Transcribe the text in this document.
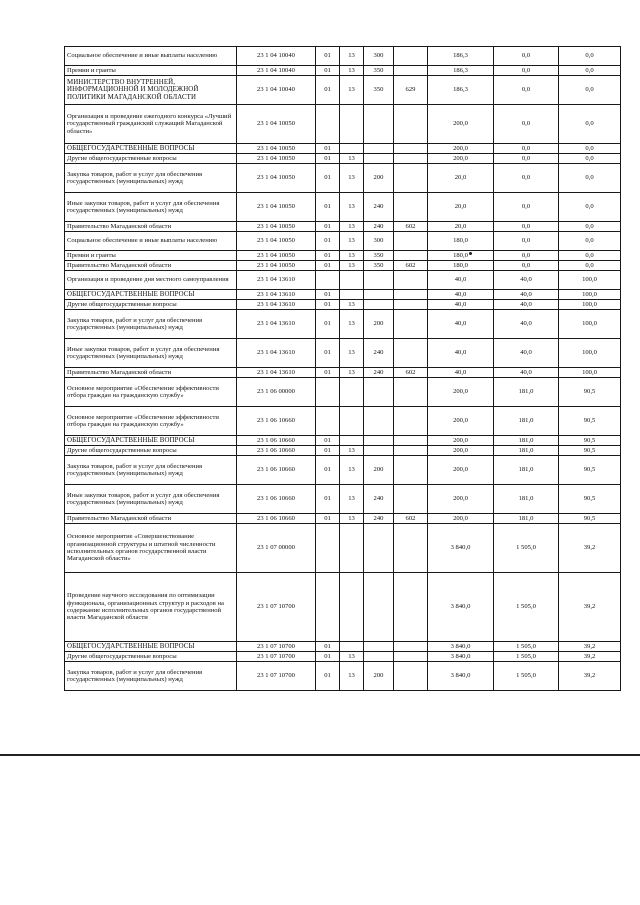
Социальное обеспечение и иные выплаты населению	23 1 04 10040	01	13	300		186,3	0,0	0,0
Премии и гранты	23 1 04 10040	01	13	350		186,3	0,0	0,0
МИНИСТЕРСТВО ВНУТРЕННЕЙ, ИНФОРМАЦИОННОЙ И МОЛОДЕЖНОЙ ПОЛИТИКИ МАГАДАНСКОЙ ОБЛАСТИ	23 1 04 10040	01	13	350	629	186,3	0,0	0,0
Организация и проведение ежегодного конкурса «Лучший государственный гражданский служащий Магаданской области»	23 1 04 10050					200,0	0,0	0,0
ОБЩЕГОСУДАРСТВЕННЫЕ ВОПРОСЫ	23 1 04 10050	01				200,0	0,0	0,0
Другие общегосударственные вопросы	23 1 04 10050	01	13			200,0	0,0	0,0
Закупка товаров, работ и услуг для обеспечения государственных (муниципальных) нужд	23 1 04 10050	01	13	200		20,0	0,0	0,0
Иные закупки товаров, работ и услуг для обеспечения государственных (муниципальных) нужд	23 1 04 10050	01	13	240		20,0	0,0	0,0
Правительство Магаданской области	23 1 04 10050	01	13	240	602	20,0	0,0	0,0
Социальное обеспечение и иные выплаты населению	23 1 04 10050	01	13	300		180,0	0,0	0,0
Премии и гранты	23 1 04 10050	01	13	350		180,0	0,0	0,0
Правительство Магаданской области	23 1 04 10050	01	13	350	602	180,0	0,0	0,0
Организация и проведение дня местного самоуправления	23 1 04 13610					40,0	40,0	100,0
ОБЩЕГОСУДАРСТВЕННЫЕ ВОПРОСЫ	23 1 04 13610	01				40,0	40,0	100,0
Другие общегосударственные вопросы	23 1 04 13610	01	13			40,0	40,0	100,0
Закупка товаров, работ и услуг для обеспечения государственных (муниципальных) нужд	23 1 04 13610	01	13	200		40,0	40,0	100,0
Иные закупки товаров, работ и услуг для обеспечения государственных (муниципальных) нужд	23 1 04 13610	01	13	240		40,0	40,0	100,0
Правительство Магаданской области	23 1 04 13610	01	13	240	602	40,0	40,0	100,0
Основное мероприятие «Обеспечение эффективности отбора граждан на гражданскую службу»	23 1 06 00000					200,0	181,0	90,5
Основное мероприятие «Обеспечение эффективности отбора граждан на гражданскую службу»	23 1 06 10660					200,0	181,0	90,5
ОБЩЕГОСУДАРСТВЕННЫЕ ВОПРОСЫ	23 1 06 10660	01				200,0	181,0	90,5
Другие общегосударственные вопросы	23 1 06 10660	01	13			200,0	181,0	90,5
Закупка товаров, работ и услуг для обеспечения государственных (муниципальных) нужд	23 1 06 10660	01	13	200		200,0	181,0	90,5
Иные закупки товаров, работ и услуг для обеспечения государственных (муниципальных) нужд	23 1 06 10660	01	13	240		200,0	181,0	90,5
Правительство Магаданской области	23 1 06 10660	01	13	240	602	200,0	181,0	90,5
Основное мероприятие «Совершенствование организационной структуры и штатной численности исполнительных органов государственной власти Магаданской области»	23 1 07 00000					3 840,0	1 505,0	39,2
Проведение научного исследования по оптимизации функционала, организационных структур и расходов на содержание исполнительных органов государственной власти Магаданской области	23 1 07 10700					3 840,0	1 505,0	39,2
ОБЩЕГОСУДАРСТВЕННЫЕ ВОПРОСЫ	23 1 07 10700	01				3 840,0	1 505,0	39,2
Другие общегосударственные вопросы	23 1 07 10700	01	13			3 840,0	1 505,0	39,2
Закупка товаров, работ и услуг для обеспечения государственных (муниципальных) нужд	23 1 07 10700	01	13	200		3 840,0	1 505,0	39,2
